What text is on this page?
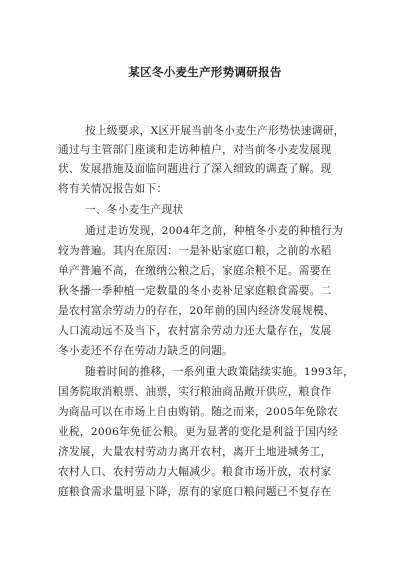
某区冬小麦生产形势调研报告
按上级要求，X区开展当前冬小麦生产形势快速调研，
通过与主管部门座谈和走访种植户，对当前冬小麦发展现
状、发展措施及面临问题进行了深入细致的调查了解。现
将有关情况报告如下：
一、冬小麦生产现状
通过走访发现，2004年之前，种植冬小麦的种植行为
较为普遍。其内在原因：一是补贴家庭口粮，之前的水稻
单产普遍不高，在缴纳公粮之后，家庭余粮不足。需要在
秋冬播一季种植一定数量的冬小麦补足家庭粮食需要。二
是农村富余劳动力的存在，20年前的国内经济发展规模、
人口流动远不及当下，农村富余劳动力还大量存在，发展
冬小麦还不存在劳动力缺乏的问题。
随着时间的推移，一系列重大政策陆续实施。1993年，
国务院取消粮票、油票，实行粮油商品敞开供应，粮食作
为商品可以在市场上自由购销。随之而来，2005年免除农
业税，2006年免征公粮。更为显著的变化是利益于国内经
济发展，大量农村劳动力离开农村，离开土地进城务工，
农村人口、农村劳动力大幅减少。粮食市场开放，农村家
庭粮食需求量明显下降，原有的家庭口粮问题已不复存在
